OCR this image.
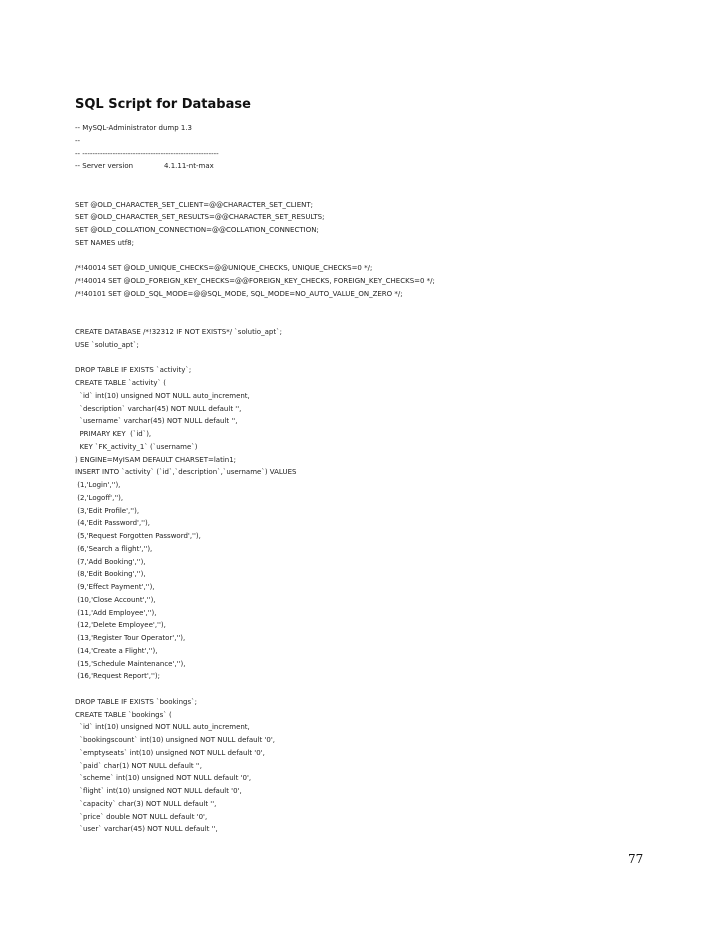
SQL Script for Database
-- MySQL-Administrator dump 1.3
--
-- ------------------------------------------------------
-- Server version		4.1.11-nt-max
SET @OLD_CHARACTER_SET_CLIENT=@@CHARACTER_SET_CLIENT;
SET @OLD_CHARACTER_SET_RESULTS=@@CHARACTER_SET_RESULTS;
SET @OLD_COLLATION_CONNECTION=@@COLLATION_CONNECTION;
SET NAMES utf8;
/*!40014 SET @OLD_UNIQUE_CHECKS=@@UNIQUE_CHECKS, UNIQUE_CHECKS=0 */;
/*!40014 SET @OLD_FOREIGN_KEY_CHECKS=@@FOREIGN_KEY_CHECKS, FOREIGN_KEY_CHECKS=0 */;
/*!40101 SET @OLD_SQL_MODE=@@SQL_MODE, SQL_MODE=NO_AUTO_VALUE_ON_ZERO */;
CREATE DATABASE /*!32312 IF NOT EXISTS*/ `solutio_apt`;
USE `solutio_apt`;
DROP TABLE IF EXISTS `activity`;
CREATE TABLE `activity` (
`id` int(10) unsigned NOT NULL auto_increment,
`description` varchar(45) NOT NULL default '',
`username` varchar(45) NOT NULL default '',
PRIMARY KEY  (`id`),
KEY `FK_activity_1` (`username`)
) ENGINE=MyISAM DEFAULT CHARSET=latin1;
INSERT INTO `activity` (`id`,`description`,`username`) VALUES
(1,'Login',''),
(2,'Logoff',''),
(3,'Edit Profile',''),
(4,'Edit Password',''),
(5,'Request Forgotten Password',''),
(6,'Search a flight',''),
(7,'Add Booking',''),
(8,'Edit Booking',''),
(9,'Effect Payment',''),
(10,'Close Account',''),
(11,'Add Employee',''),
(12,'Delete Employee',''),
(13,'Register Tour Operator',''),
(14,'Create a Flight',''),
(15,'Schedule Maintenance',''),
(16,'Request Report','');
DROP TABLE IF EXISTS `bookings`;
CREATE TABLE `bookings` (
`id` int(10) unsigned NOT NULL auto_increment,
`bookingscount` int(10) unsigned NOT NULL default '0',
`emptyseats` int(10) unsigned NOT NULL default '0',
`paid` char(1) NOT NULL default '',
`scheme` int(10) unsigned NOT NULL default '0',
`flight` int(10) unsigned NOT NULL default '0',
`capacity` char(3) NOT NULL default '',
`price` double NOT NULL default '0',
`user` varchar(45) NOT NULL default '',
77
